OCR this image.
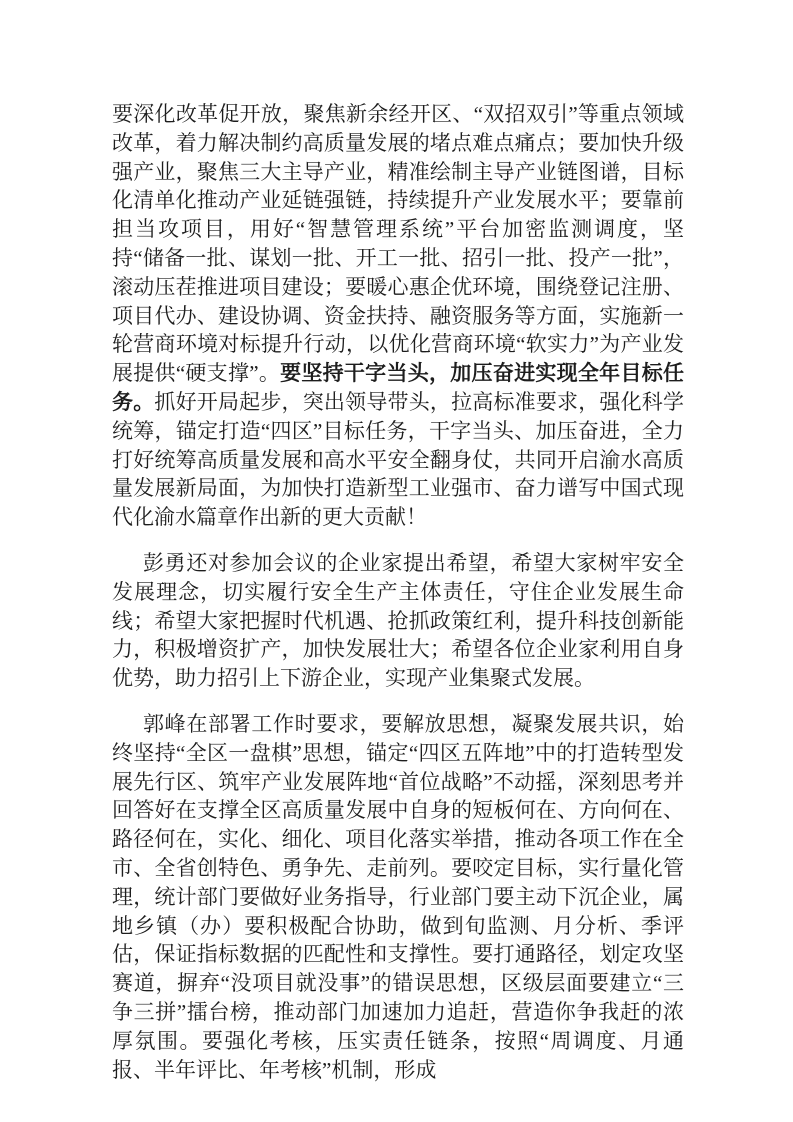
要深化改革促开放，聚焦新余经开区、“双招双引”等重点领域改革，着力解决制约高质量发展的堵点难点痛点；要加快升级强产业，聚焦三大主导产业，精准绘制主导产业链图谱，目标化清单化推动产业延链强链，持续提升产业发展水平；要靠前担当攻项目，用好“智慧管理系统”平台加密监测调度，坚持“储备一批、谋划一批、开工一批、招引一批、投产一批”，滚动压茬推进项目建设；要暖心惠企优环境，围绕登记注册、项目代办、建设协调、资金扶持、融资服务等方面，实施新一轮营商环境对标提升行动，以优化营商环境“软实力”为产业发展提供“硬支撑”。要坚持干字当头，加压奋进实现全年目标任务。抓好开局起步，突出领导带头，拉高标准要求，强化科学统筹，锚定打造“四区”目标任务，干字当头、加压奋进，全力打好统筹高质量发展和高水平安全翻身仗，共同开启渝水高质量发展新局面，为加快打造新型工业强市、奋力谱写中国式现代化渝水篇章作出新的更大贡献！

彭勇还对参加会议的企业家提出希望，希望大家树牢安全发展理念，切实履行安全生产主体责任，守住企业发展生命线；希望大家把握时代机遇、抢抓政策红利，提升科技创新能力，积极增资扩产，加快发展壮大；希望各位企业家利用自身优势，助力招引上下游企业，实现产业集聚式发展。

郭峰在部署工作时要求，要解放思想，凝聚发展共识，始终坚持“全区一盘棋”思想，锚定“四区五阵地”中的打造转型发展先行区、筑牢产业发展阵地“首位战略”不动摇，深刻思考并回答好在支撑全区高质量发展中自身的短板何在、方向何在、路径何在，实化、细化、项目化落实举措，推动各项工作在全市、全省创特色、勇争先、走前列。要咬定目标，实行量化管理，统计部门要做好业务指导，行业部门要主动下沉企业，属地乡镇（办）要积极配合协助，做到旬监测、月分析、季评估，保证指标数据的匹配性和支撑性。要打通路径，划定攻坚赛道，摒弃“没项目就没事”的错误思想，区级层面要建立“三争三拼”擂台榜，推动部门加速加力追赶，营造你争我赶的浓厚氛围。要强化考核，压实责任链条，按照“周调度、月通报、半年评比、年考核”机制，形成
